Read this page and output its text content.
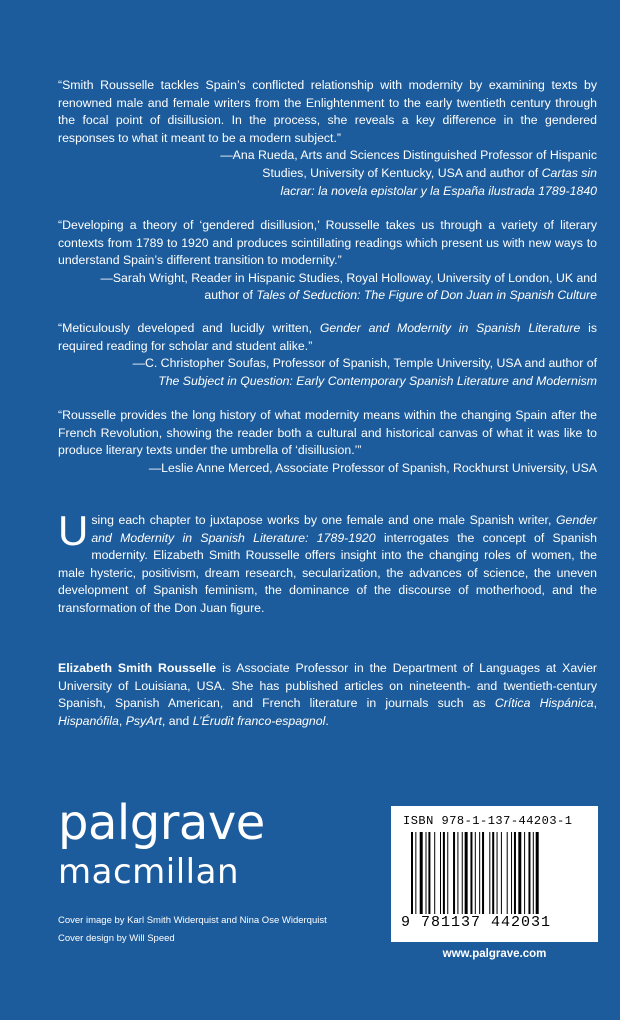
“Smith Rousselle tackles Spain’s conflicted relationship with modernity by examining texts by renowned male and female writers from the Enlightenment to the early twentieth century through the focal point of disillusion. In the process, she reveals a key difference in the gendered responses to what it meant to be a modern subject.”

—Ana Rueda, Arts and Sciences Distinguished Professor of Hispanic
Studies, University of Kentucky, USA and author of Cartas sin
lacrar: la novela epistolar y la España ilustrada 1789-1840

“Developing a theory of ‘gendered disillusion,’ Rousselle takes us through a variety of literary contexts from 1789 to 1920 and produces scintillating readings which present us with new ways to understand Spain’s different transition to modernity.”

—Sarah Wright, Reader in Hispanic Studies, Royal Holloway, University of London, UK and
author of Tales of Seduction: The Figure of Don Juan in Spanish Culture

“Meticulously developed and lucidly written, Gender and Modernity in Spanish Literature is required reading for scholar and student alike.”

—C. Christopher Soufas, Professor of Spanish, Temple University, USA and author of
The Subject in Question: Early Contemporary Spanish Literature and Modernism

“Rousselle provides the long history of what modernity means within the changing Spain after the French Revolution, showing the reader both a cultural and historical canvas of what it was like to produce literary texts under the umbrella of ‘disillusion.’”

—Leslie Anne Merced, Associate Professor of Spanish, Rockhurst University, USA

Using each chapter to juxtapose works by one female and one male Spanish writer, Gender and Modernity in Spanish Literature: 1789-1920 interrogates the concept of Spanish modernity. Elizabeth Smith Rousselle offers insight into the changing roles of women, the male hysteric, positivism, dream research, secularization, the advances of science, the uneven development of Spanish feminism, the dominance of the discourse of motherhood, and the transformation of the Don Juan figure.
Elizabeth Smith Rousselle is Associate Professor in the Department of Languages at Xavier University of Louisiana, USA. She has published articles on nineteenth- and twentieth-century Spanish, Spanish American, and French literature in journals such as Crítica Hispánica, Hispanófila, PsyArt, and L’Érudit franco-espagnol.
palgrave
macmillan
Cover image by Karl Smith Widerquist and Nina Ose Widerquist
Cover design by Will Speed
ISBN 978-1-137-44203-1
9 781137 442031
www.palgrave.com
